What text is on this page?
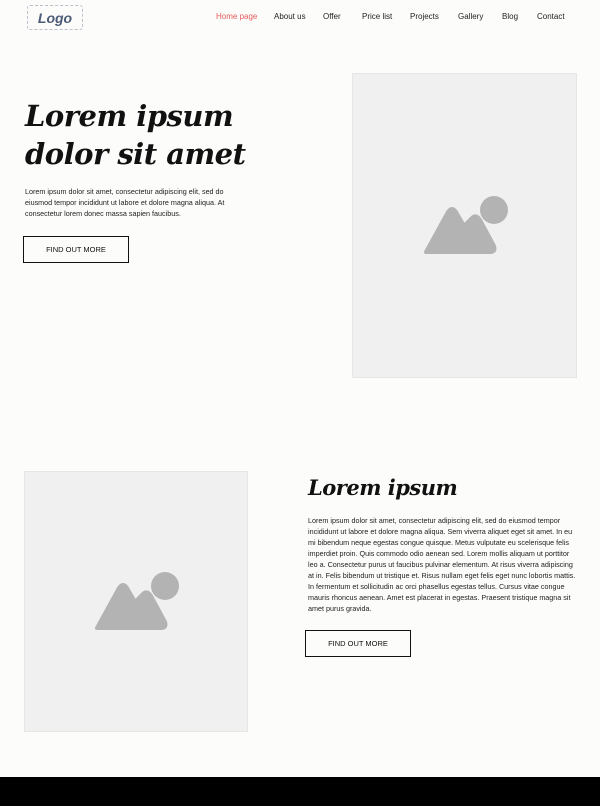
Logo	Home page About us Offer	Price list Projects Gallery Blog Contact
Lorem ipsum dolor sit amet

Lorem ipsum dolor sit amet, consectetur adipiscing elit, sed do eiusmod tempor incididunt ut labore et dolore magna aliqua. At consectetur lorem donec massa sapien faucibus.

FIND OUT MORE
Lorem ipsum

Lorem ipsum dolor sit amet, consectetur adipiscing elit, sed do eiusmod tempor incididunt ut labore et dolore magna aliqua. Sem viverra aliquet eget sit amet. In eu mi bibendum neque egestas congue quisque. Metus vulputate eu scelerisque felis imperdiet proin. Quis commodo odio aenean sed. Lorem mollis aliquam ut porttitor leo a. Consectetur purus ut faucibus pulvinar elementum. At risus viverra adipiscing at in. Felis bibendum ut tristique et. Risus nullam eget felis eget nunc lobortis mattis. In fermentum et sollicitudin ac orci phasellus egestas tellus. Cursus vitae congue mauris rhoncus aenean. Amet est placerat in egestas. Praesent tristique magna sit amet purus gravida.

FIND OUT MORE
